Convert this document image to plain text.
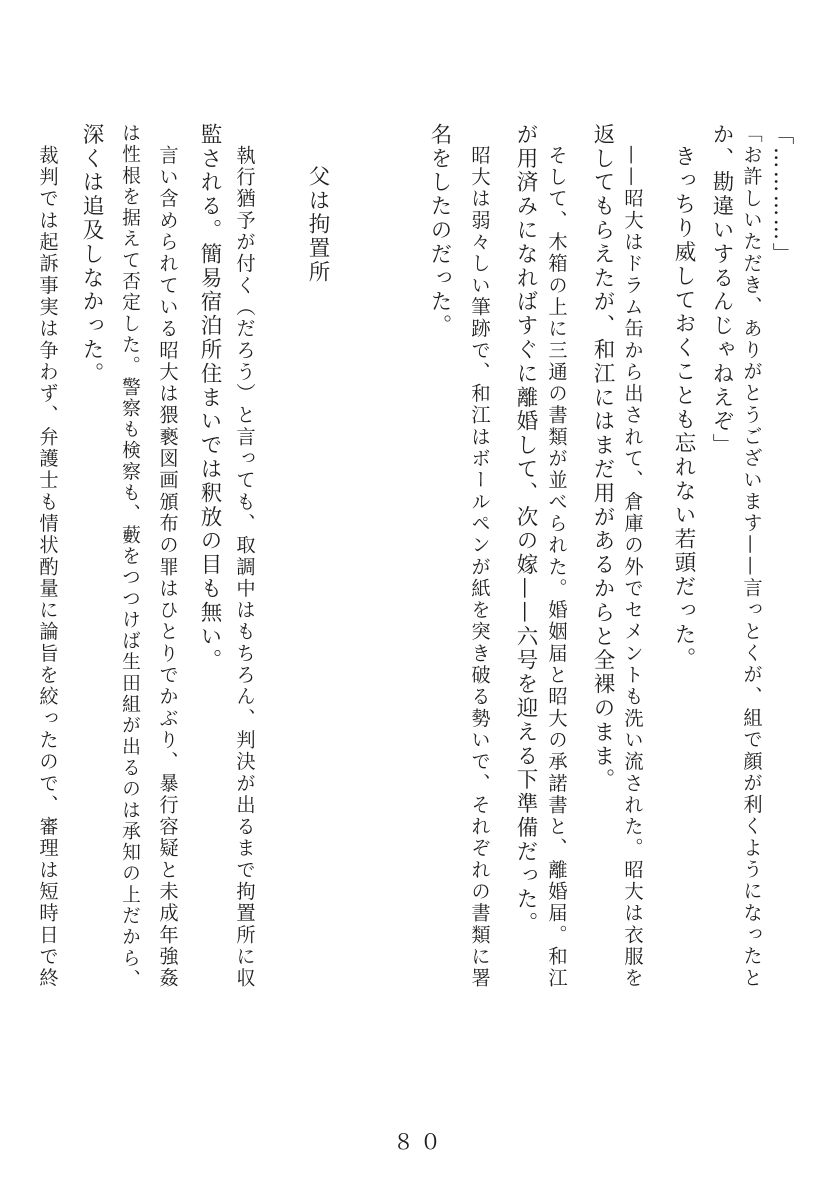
「…………」

「お許しいただき、ありがとうございます——言っとくが、組で顔が利くようになったと

か、勘違いするんじゃねえぞ」

きっちり威しておくことも忘れない若頭だった。

——昭大はドラム缶から出されて、倉庫の外でセメントも洗い流された。昭大は衣服を

返してもらえたが、和江にはまだ用があるからと全裸のまま。

そして、木箱の上に三通の書類が並べられた。婚姻届と昭大の承諾書と、離婚届。和江

が用済みになればすぐに離婚して、次の嫁——六号を迎える下準備だった。

昭大は弱々しい筆跡で、和江はボールペンが紙を突き破る勢いで、それぞれの書類に署

名をしたのだった。

父は拘置所

執行猶予が付く（だろう）と言っても、取調中はもちろん、判決が出るまで拘置所に収

監される。簡易宿泊所住まいでは釈放の目も無い。

言い含められている昭大は猥褻図画頒布の罪はひとりでかぶり、暴行容疑と未成年強姦

は性根を据えて否定した。警察も検察も、藪をつつけば生田組が出るのは承知の上だから、

深くは追及しなかった。

裁判では起訴事実は争わず、弁護士も情状酌量に論旨を絞ったので、審理は短時日で終

８０
